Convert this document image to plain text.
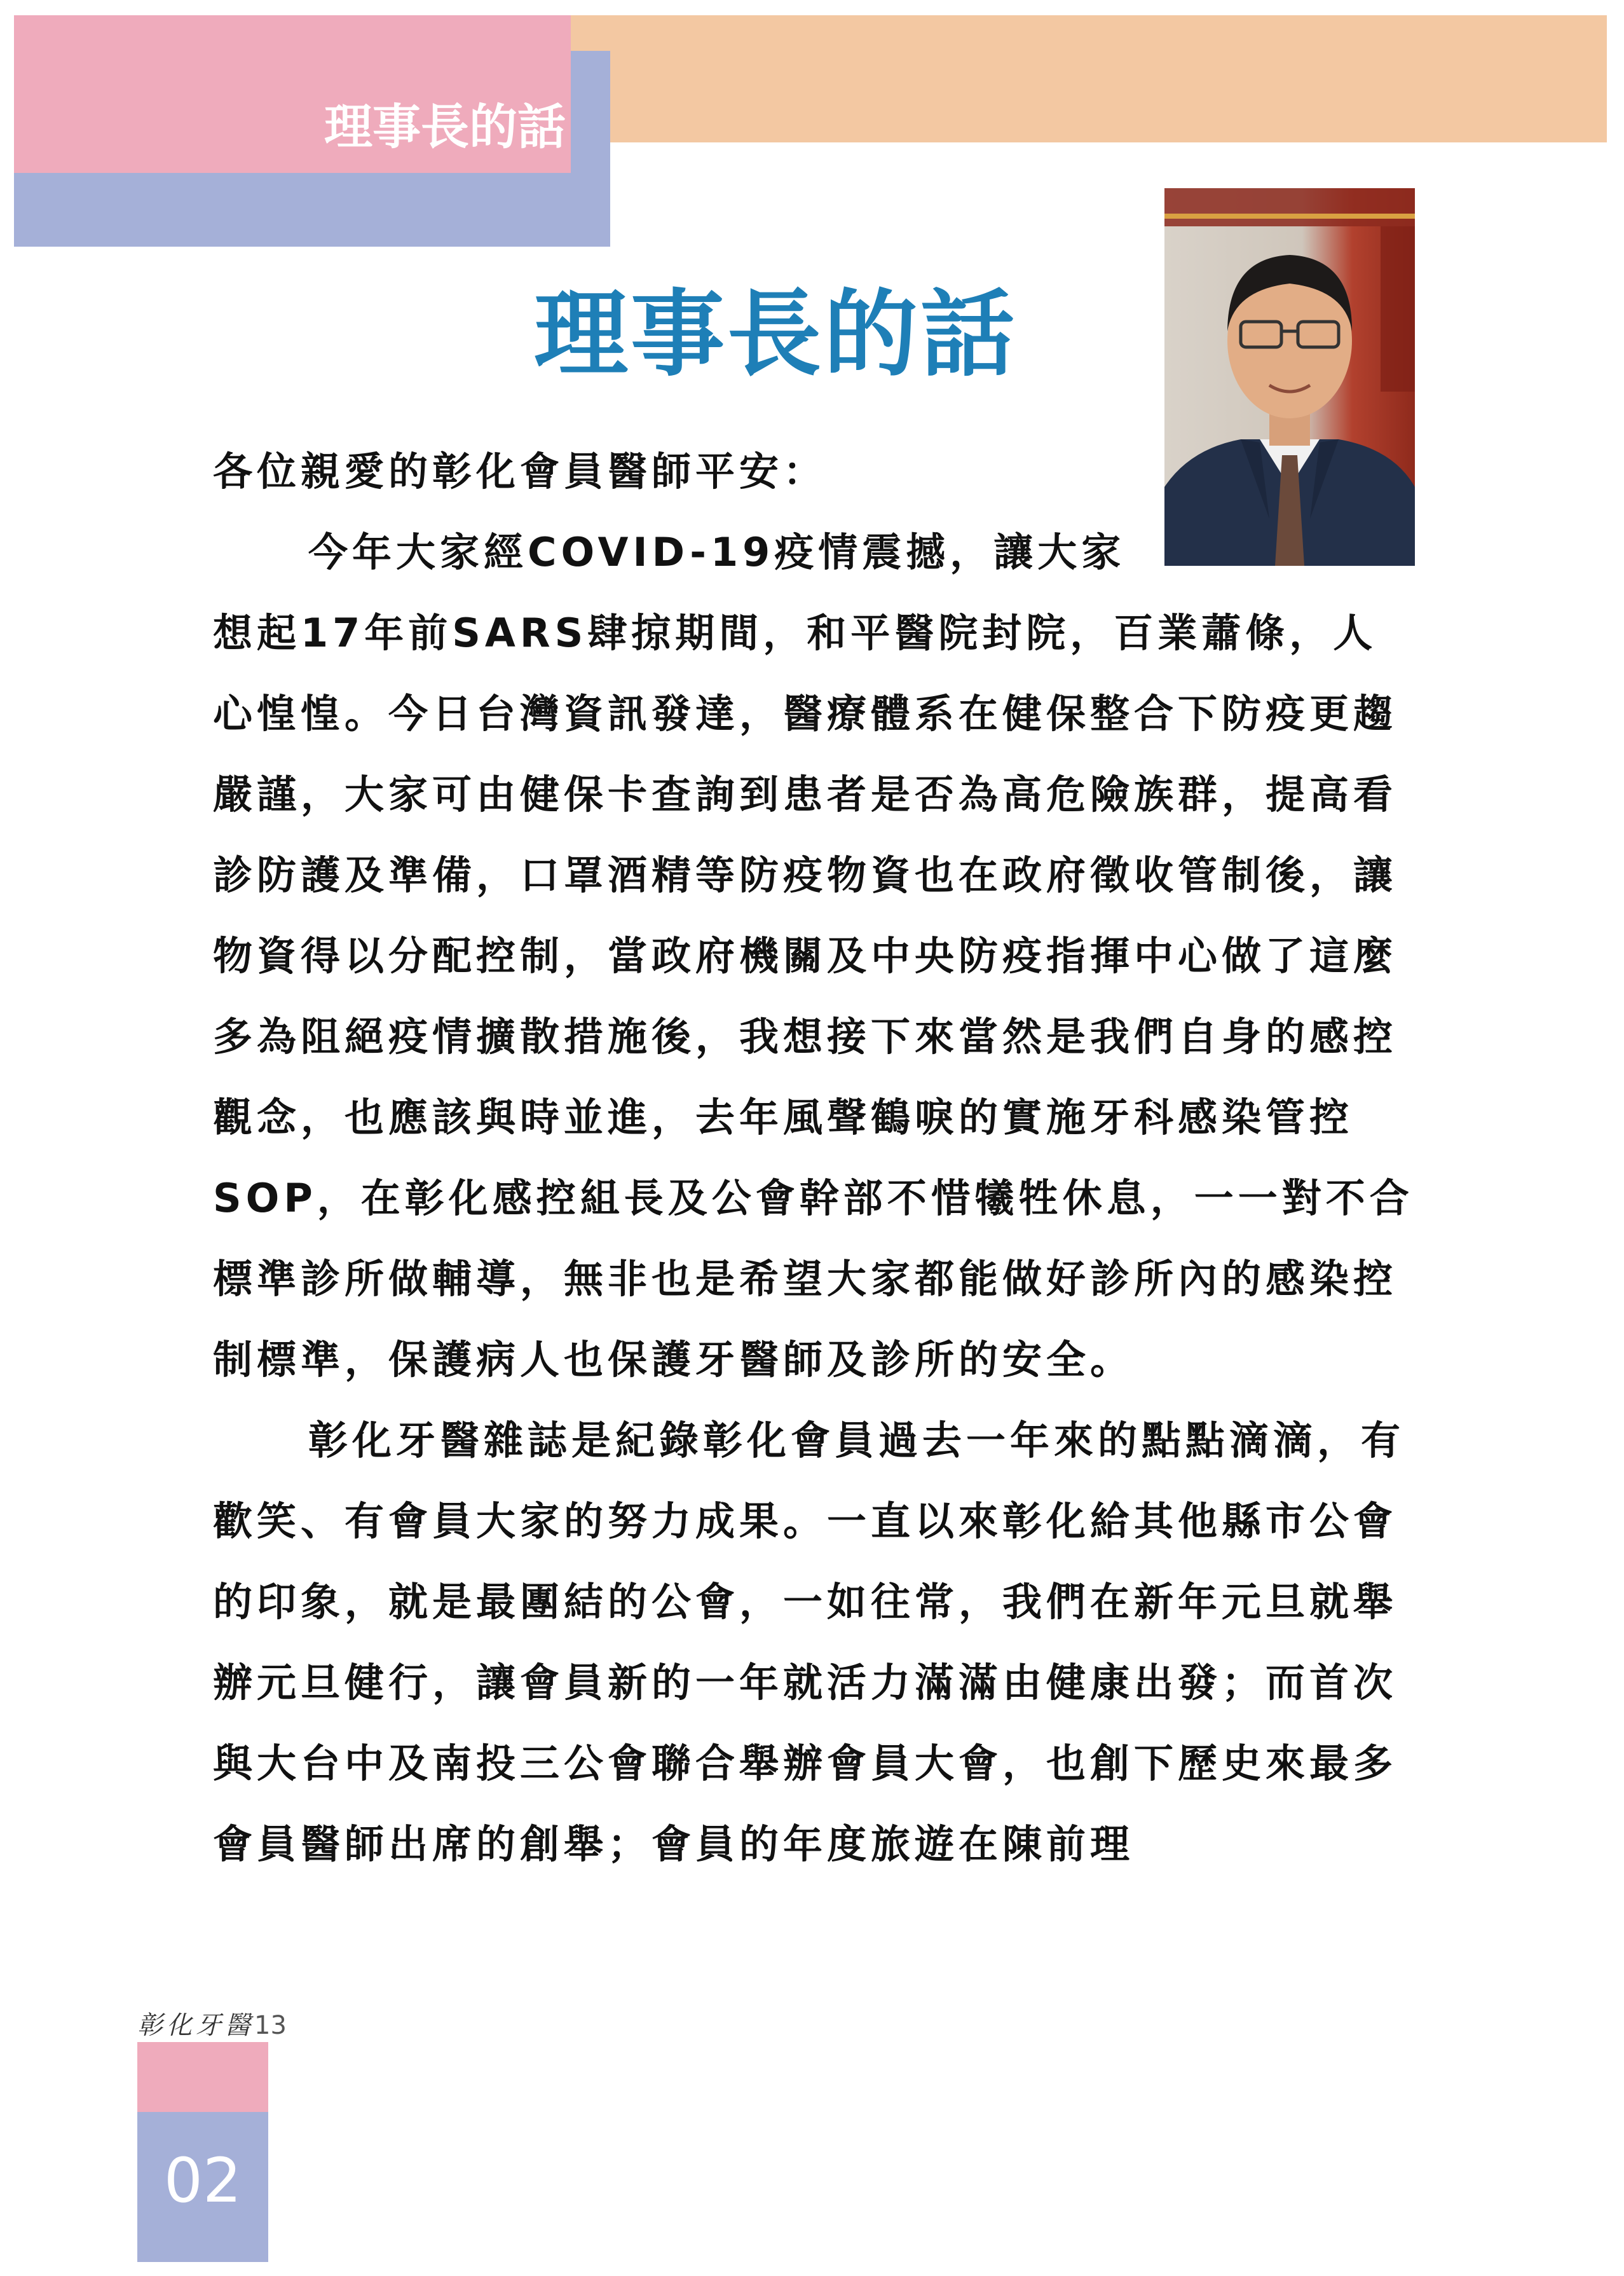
理事長的話
理事長的話

各位親愛的彰化會員醫師平安：

今年大家經COVID-19疫情震撼，讓大家

想起17年前SARS肆掠期間，和平醫院封院，百業蕭條，人

心惶惶。今日台灣資訊發達，醫療體系在健保整合下防疫更趨嚴謹，大家可由健保卡查詢到患者是否為高危險族群，提高看診防護及準備，口罩酒精等防疫物資也在政府徵收管制後，讓物資得以分配控制，當政府機關及中央防疫指揮中心做了這麼多為阻絕疫情擴散措施後，我想接下來當然是我們自身的感控觀念，也應該與時並進，去年風聲鶴唳的實施牙科感染管控SOP，在彰化感控組長及公會幹部不惜犧牲休息，一一對不合標準診所做輔導，無非也是希望大家都能做好診所內的感染控制標準，保護病人也保護牙醫師及診所的安全。

彰化牙醫雜誌是紀錄彰化會員過去一年來的點點滴滴，有歡笑、有會員大家的努力成果。一直以來彰化給其他縣市公會的印象，就是最團結的公會，一如往常，我們在新年元旦就舉辦元旦健行，讓會員新的一年就活力滿滿由健康出發；而首次與大台中及南投三公會聯合舉辦會員大會，也創下歷史來最多會員醫師出席的創舉；會員的年度旅遊在陳前理

彰化牙醫13
02
